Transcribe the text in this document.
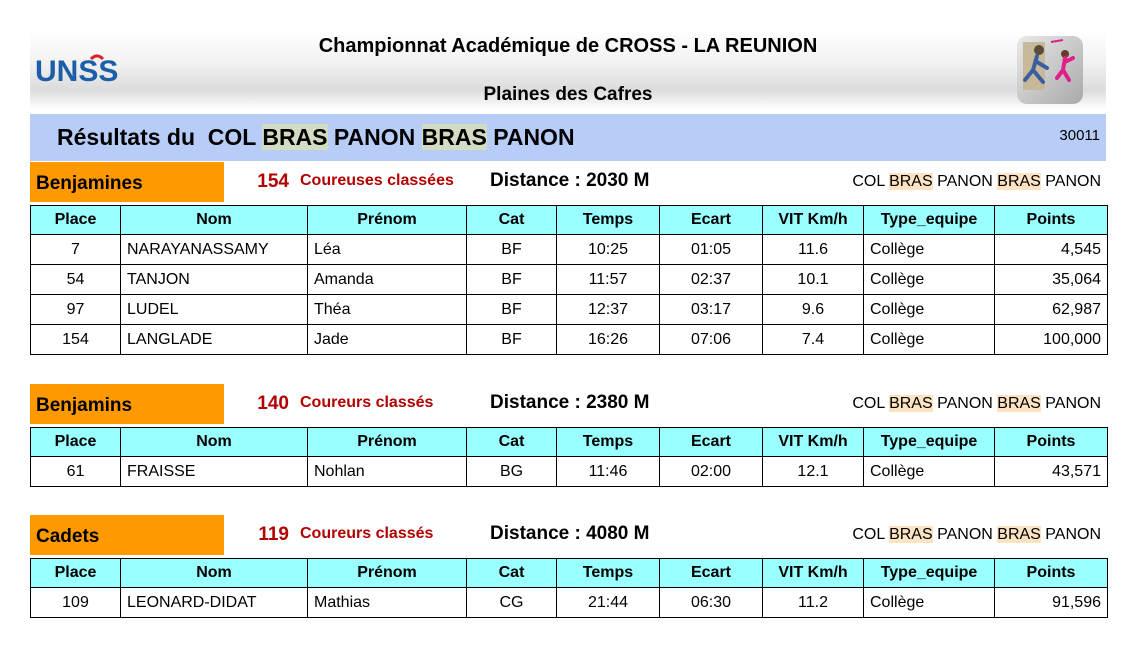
UNSS
Championnat Académique de CROSS - LA REUNION
Plaines des Cafres
Résultats du  COL BRAS PANON BRAS PANON	30011
Benjamines	154 Coureuses classées Distance : 2030 M	COL BRAS PANON BRAS PANON
Place	Nom	Prénom	Cat	Temps	Ecart	VIT Km/h	Type_equipe	Points
7	NARAYANASSAMY	Léa	BF	10:25	01:05	11.6	Collège	4,545
54	TANJON	Amanda	BF	11:57	02:37	10.1	Collège	35,064
97	LUDEL	Théa	BF	12:37	03:17	9.6	Collège	62,987
154	LANGLADE	Jade	BF	16:26	07:06	7.4	Collège	100,000
Benjamins	140 Coureurs classés	Distance : 2380 M	COL BRAS PANON BRAS PANON
Place	Nom	Prénom	Cat	Temps	Ecart	VIT Km/h	Type_equipe	Points
61	FRAISSE	Nohlan	BG	11:46	02:00	12.1	Collège	43,571
Cadets	119 Coureurs classés	Distance : 4080 M	COL BRAS PANON BRAS PANON
Place	Nom	Prénom	Cat	Temps	Ecart	VIT Km/h	Type_equipe	Points
109	LEONARD-DIDAT	Mathias	CG	21:44	06:30	11.2	Collège	91,596
